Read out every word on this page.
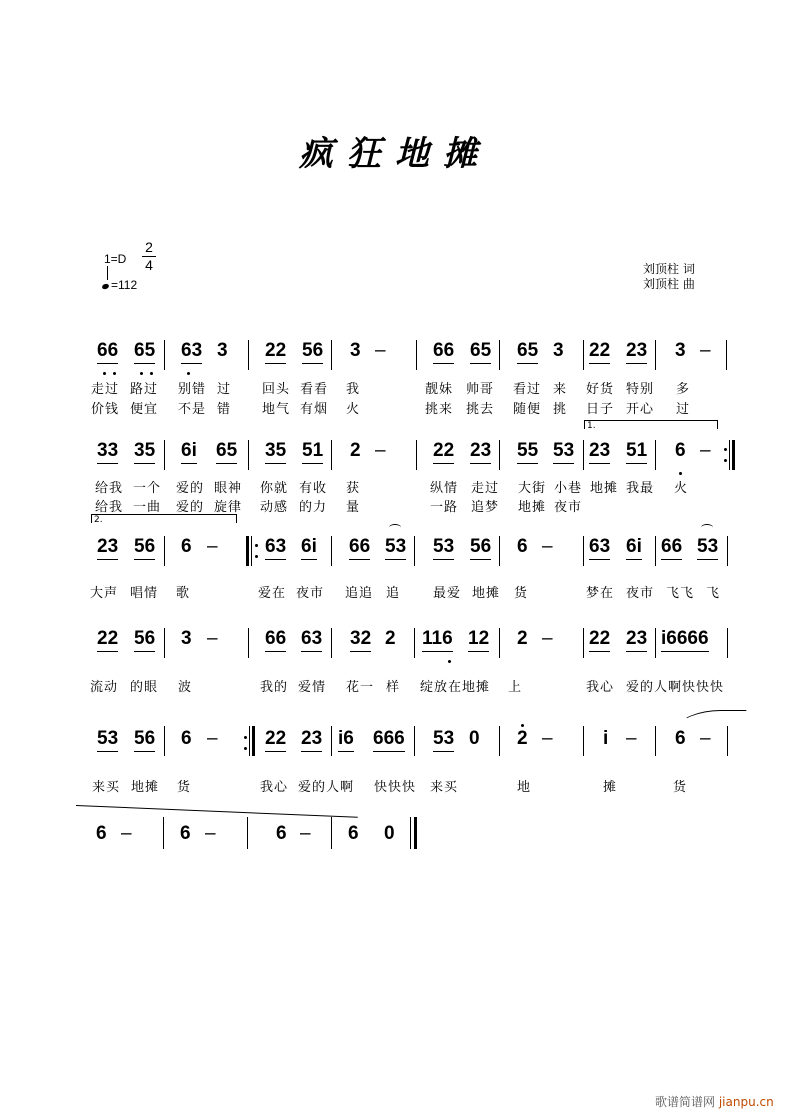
疯狂地摊
1=D
2
4
=112
刘顶柱 词
刘顶柱 曲
66 65 63 3 22 56 3 – 66 65 65 3 22 23 3 –
走过 路过 别错 过 回头 看看 我	靓妹 帅哥 看过 来 好货 特别 多
价钱 便宜 不是 错 地气 有烟 火	挑来 挑去 随便 挑 日子 开心 过
1.
33 35 6i 65 35 51 2 – 22 23 55 53 23 51 6 –
给我 一个 爱的 眼神 你就 有收 获	纵情 走过 大街 小巷 地摊 我最 火
给我 一曲 爱的 旋律 动感 的力 量	一路 追梦 地摊 夜市
2.
23 56 6 – 63 6i 66 53 53 56 6 – 63 6i 66 53
大声 唱情 歌	爱在 夜市 追追 追	最爱 地摊 货	梦在 夜市 飞飞 飞
22 56 3 – 66 63 32 2 116 12 2 – 22 23 i6666
流动 的眼 波	我的 爱情 花一 样 绽放在地摊 上	我心 爱的人啊快快快
53 56 6 – 22 23 i6 666 53 0 2 –	i – 6 –
来买 地摊 货	我心 爱的人啊 快快快 来买	地	摊	货
6 –	6 –	6 – 6 0
歌谱简谱网 jianpu.cn
